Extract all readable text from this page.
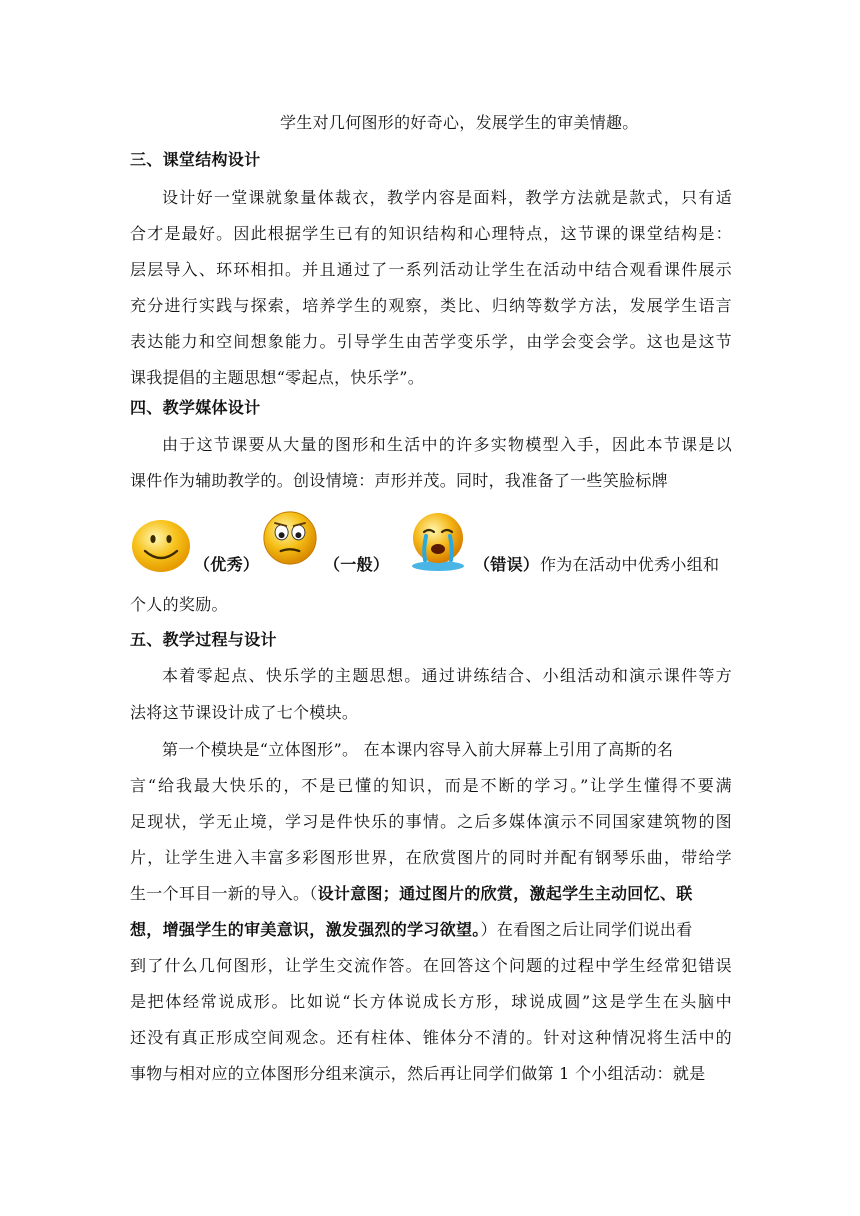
学生对几何图形的好奇心，发展学生的审美情趣。
三、课堂结构设计
设计好一堂课就象量体裁衣，教学内容是面料，教学方法就是款式，只有适
合才是最好。因此根据学生已有的知识结构和心理特点，这节课的课堂结构是：
层层导入、环环相扣。并且通过了一系列活动让学生在活动中结合观看课件展示
充分进行实践与探索，培养学生的观察，类比、归纳等数学方法，发展学生语言
表达能力和空间想象能力。引导学生由苦学变乐学，由学会变会学。这也是这节
课我提倡的主题思想“零起点，快乐学”。
四、教学媒体设计
由于这节课要从大量的图形和生活中的许多实物模型入手，因此本节课是以
课件作为辅助教学的。创设情境：声形并茂。同时，我准备了一些笑脸标牌
（优秀）	（一般）	（错误） 作为在活动中优秀小组和
个人的奖励。
五、教学过程与设计
本着零起点、快乐学的主题思想。通过讲练结合、小组活动和演示课件等方
法将这节课设计成了七个模块。
第一个模块是“立体图形”。 在本课内容导入前大屏幕上引用了高斯的名
言“给我最大快乐的，不是已懂的知识，而是不断的学习。”让学生懂得不要满
足现状，学无止境，学习是件快乐的事情。之后多媒体演示不同国家建筑物的图
片，让学生进入丰富多彩图形世界，在欣赏图片的同时并配有钢琴乐曲，带给学
生一个耳目一新的导入。（设计意图；通过图片的欣赏，激起学生主动回忆、联
想，增强学生的审美意识，激发强烈的学习欲望。）在看图之后让同学们说出看
到了什么几何图形，让学生交流作答。在回答这个问题的过程中学生经常犯错误
是把体经常说成形。比如说“长方体说成长方形，球说成圆”这是学生在头脑中
还没有真正形成空间观念。还有柱体、锥体分不清的。针对这种情况将生活中的
事物与相对应的立体图形分组来演示，然后再让同学们做第 1 个小组活动：就是
